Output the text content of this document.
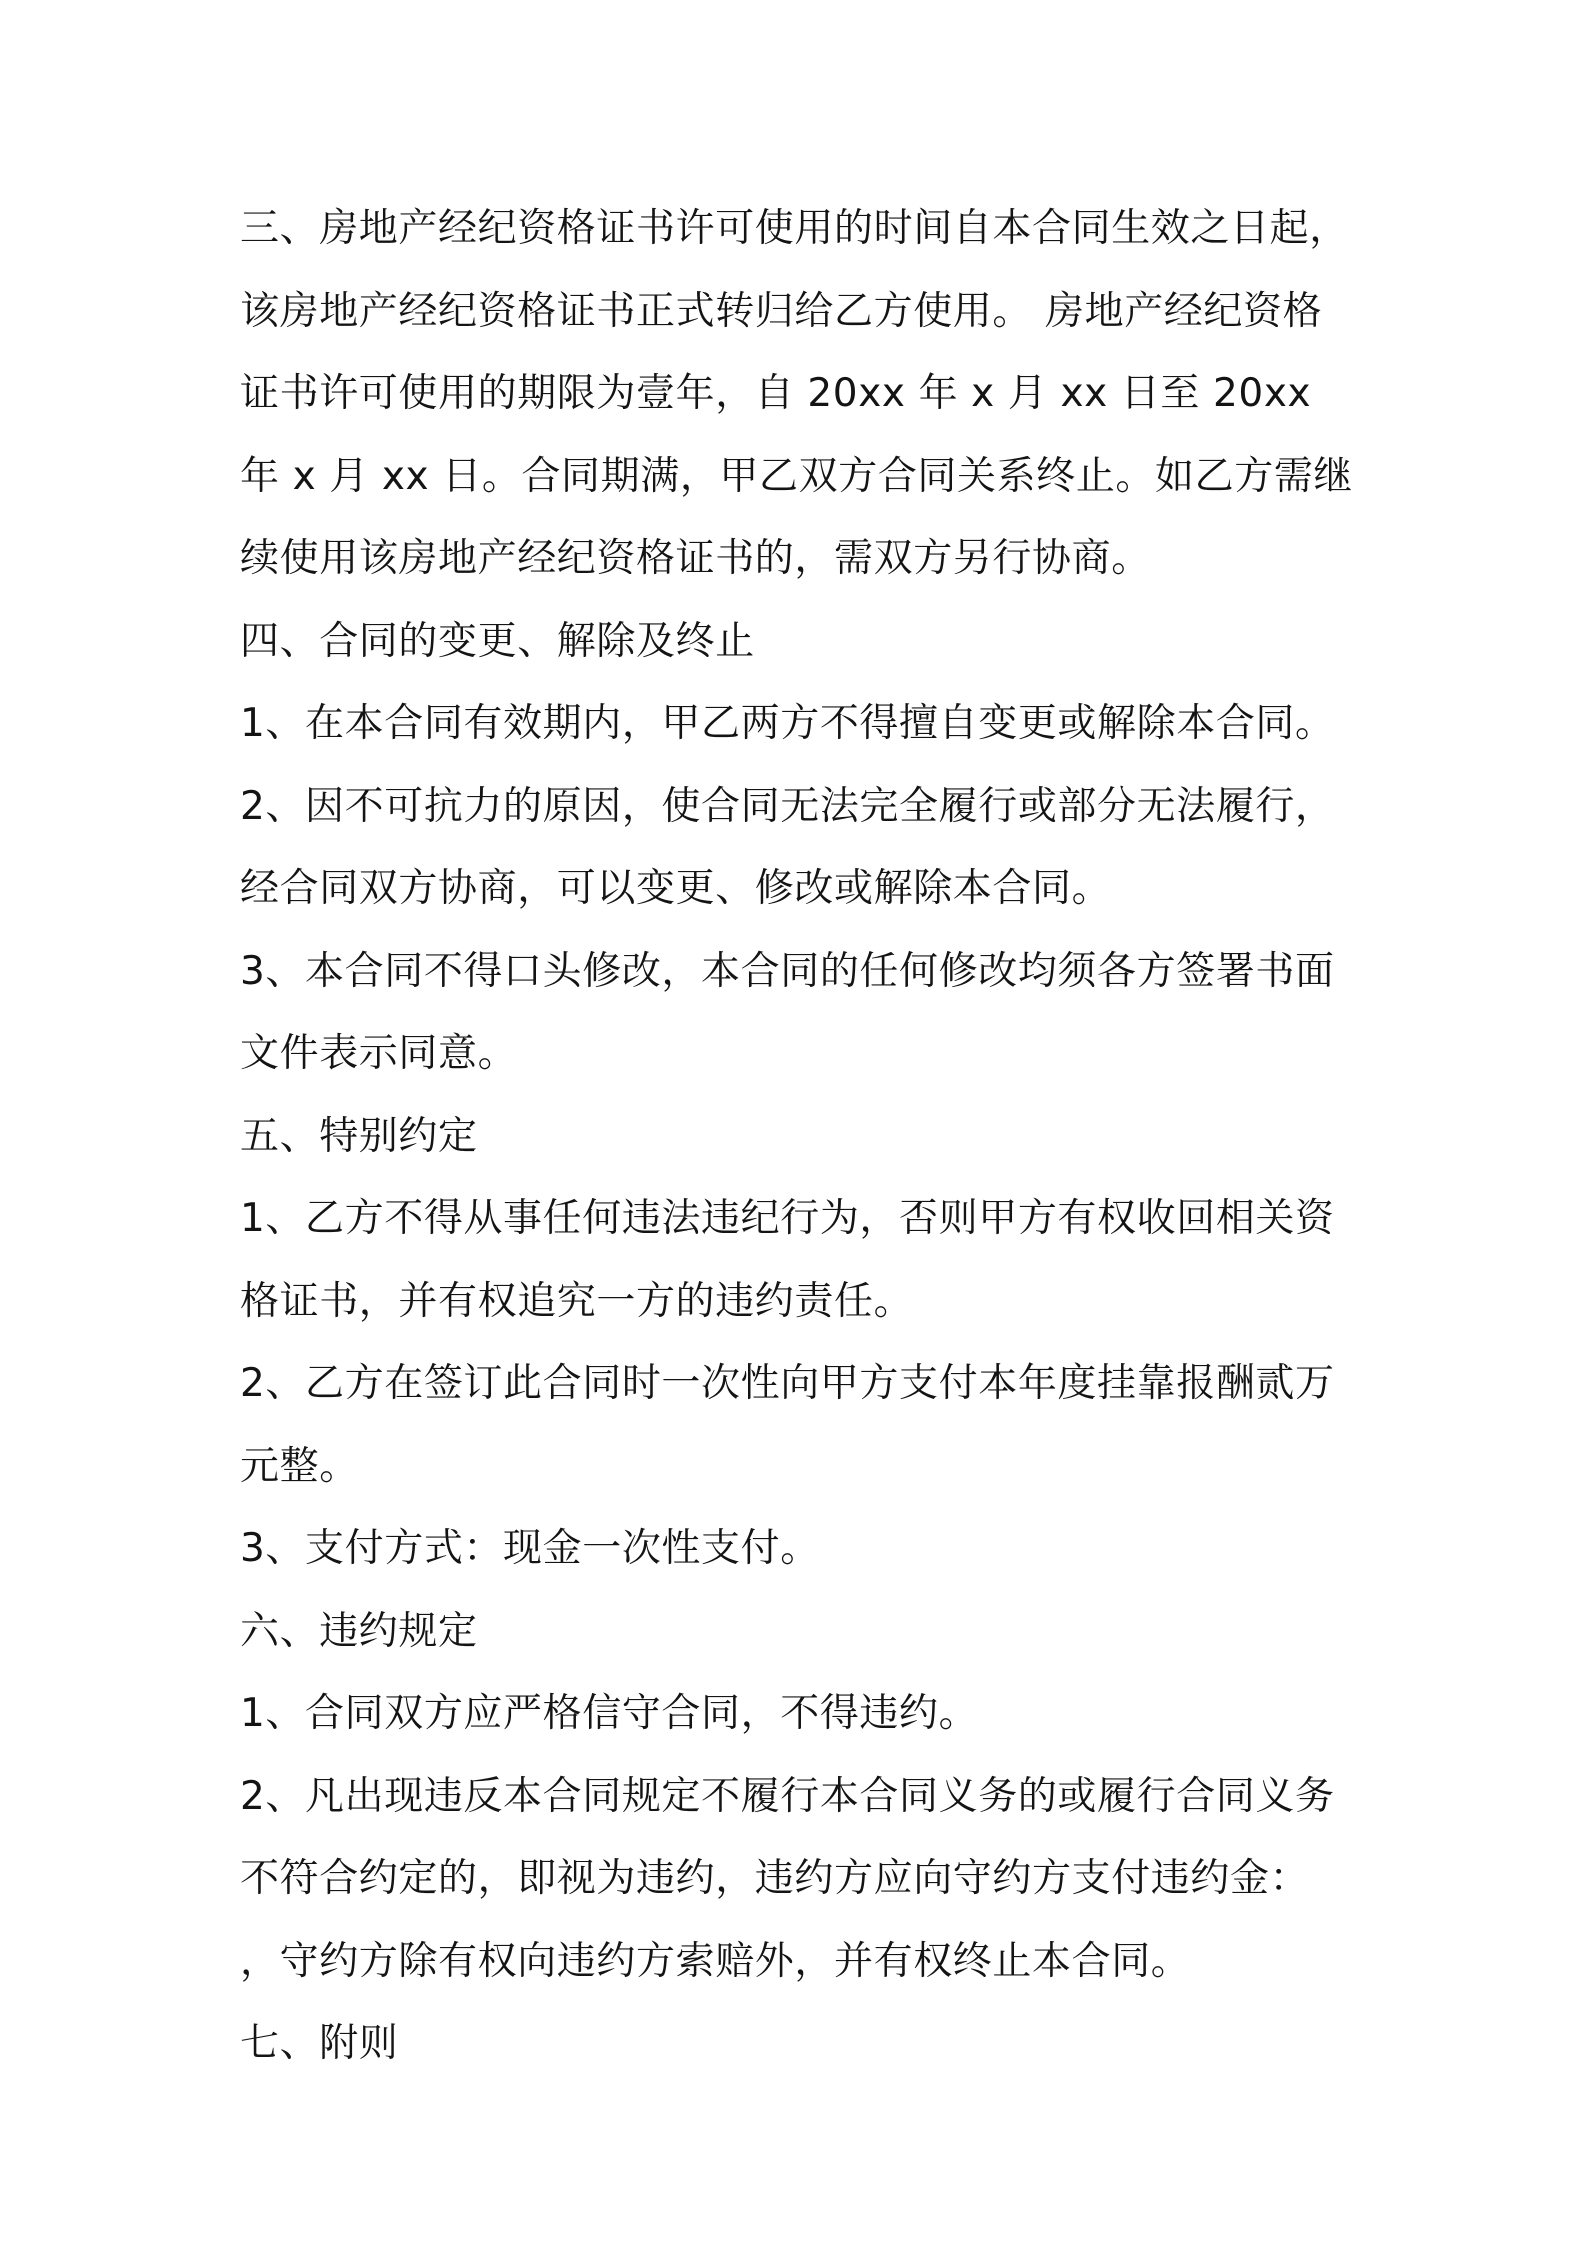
三、房地产经纪资格证书许可使用的时间自本合同生效之日起，该房地产经纪资格证书正式转归给乙方使用。 房地产经纪资格证书许可使用的期限为壹年，自 20xx 年 x 月 xx 日至 20xx 年 x 月 xx 日。合同期满，甲乙双方合同关系终止。如乙方需继续使用该房地产经纪资格证书的，需双方另行协商。

四、合同的变更、解除及终止

1、在本合同有效期内，甲乙两方不得擅自变更或解除本合同。

2、因不可抗力的原因，使合同无法完全履行或部分无法履行，经合同双方协商，可以变更、修改或解除本合同。

3、本合同不得口头修改，本合同的任何修改均须各方签署书面文件表示同意。

五、特别约定

1、乙方不得从事任何违法违纪行为，否则甲方有权收回相关资格证书，并有权追究一方的违约责任。

2、乙方在签订此合同时一次性向甲方支付本年度挂靠报酬贰万元整。

3、支付方式：现金一次性支付。

六、违约规定

1、合同双方应严格信守合同，不得违约。

2、凡出现违反本合同规定不履行本合同义务的或履行合同义务不符合约定的，即视为违约，违约方应向守约方支付违约金： ，守约方除有权向违约方索赔外，并有权终止本合同。

七、附则
